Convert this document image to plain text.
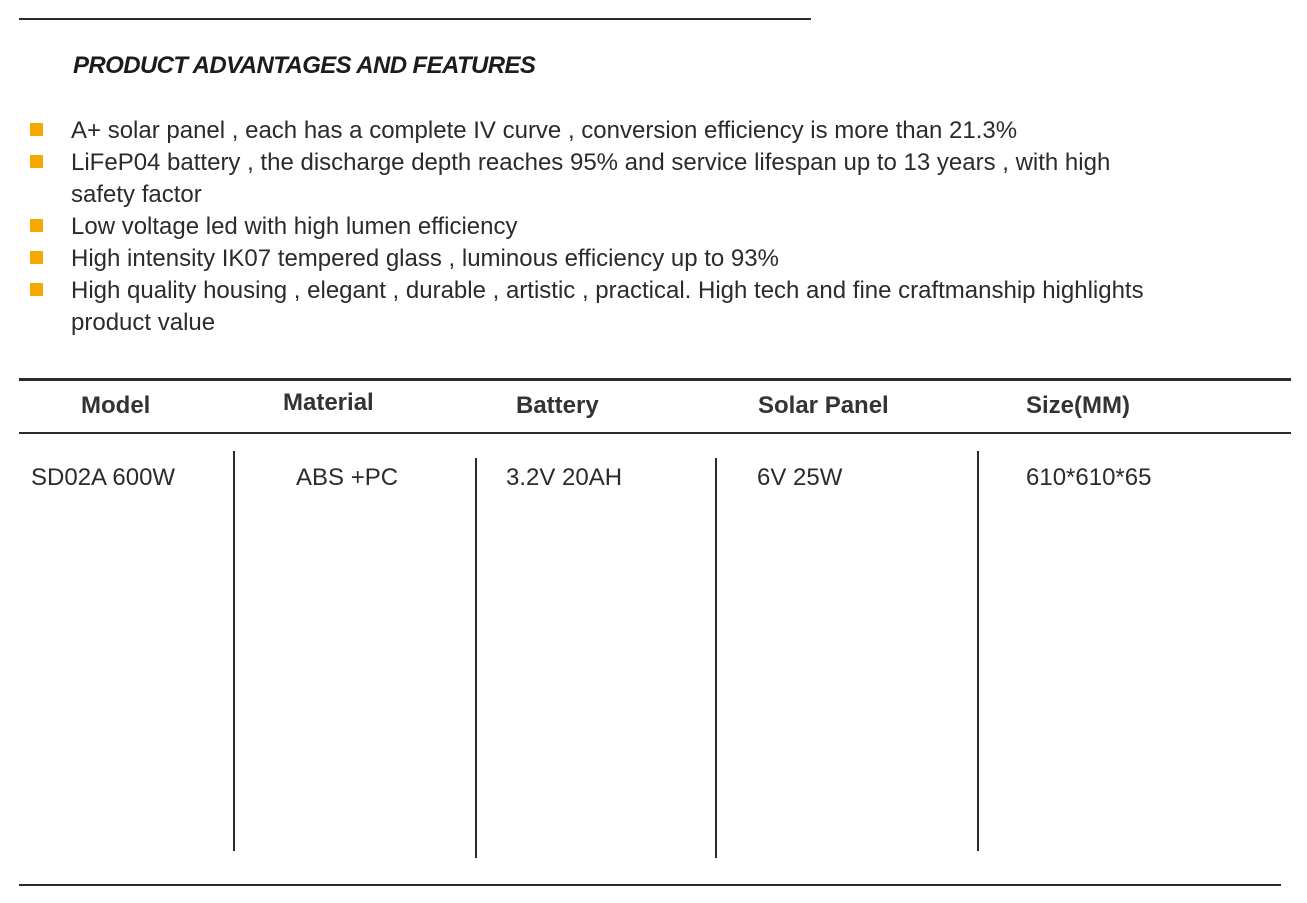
PRODUCT ADVANTAGES AND FEATURES
A+ solar panel , each has a complete IV curve , conversion efficiency is more than 21.3%
LiFeP04 battery , the discharge depth reaches 95% and service lifespan up to 13 years , with high safety factor
Low voltage led with high lumen efficiency
High intensity IK07 tempered glass , luminous efficiency up to 93%
High quality housing , elegant , durable , artistic , practical. High tech and fine craftmanship highlights product value
Model	Material	Battery	Solar Panel	Size(MM)
SD02A 600W	ABS +PC	3.2V 20AH	6V 25W	610*610*65
